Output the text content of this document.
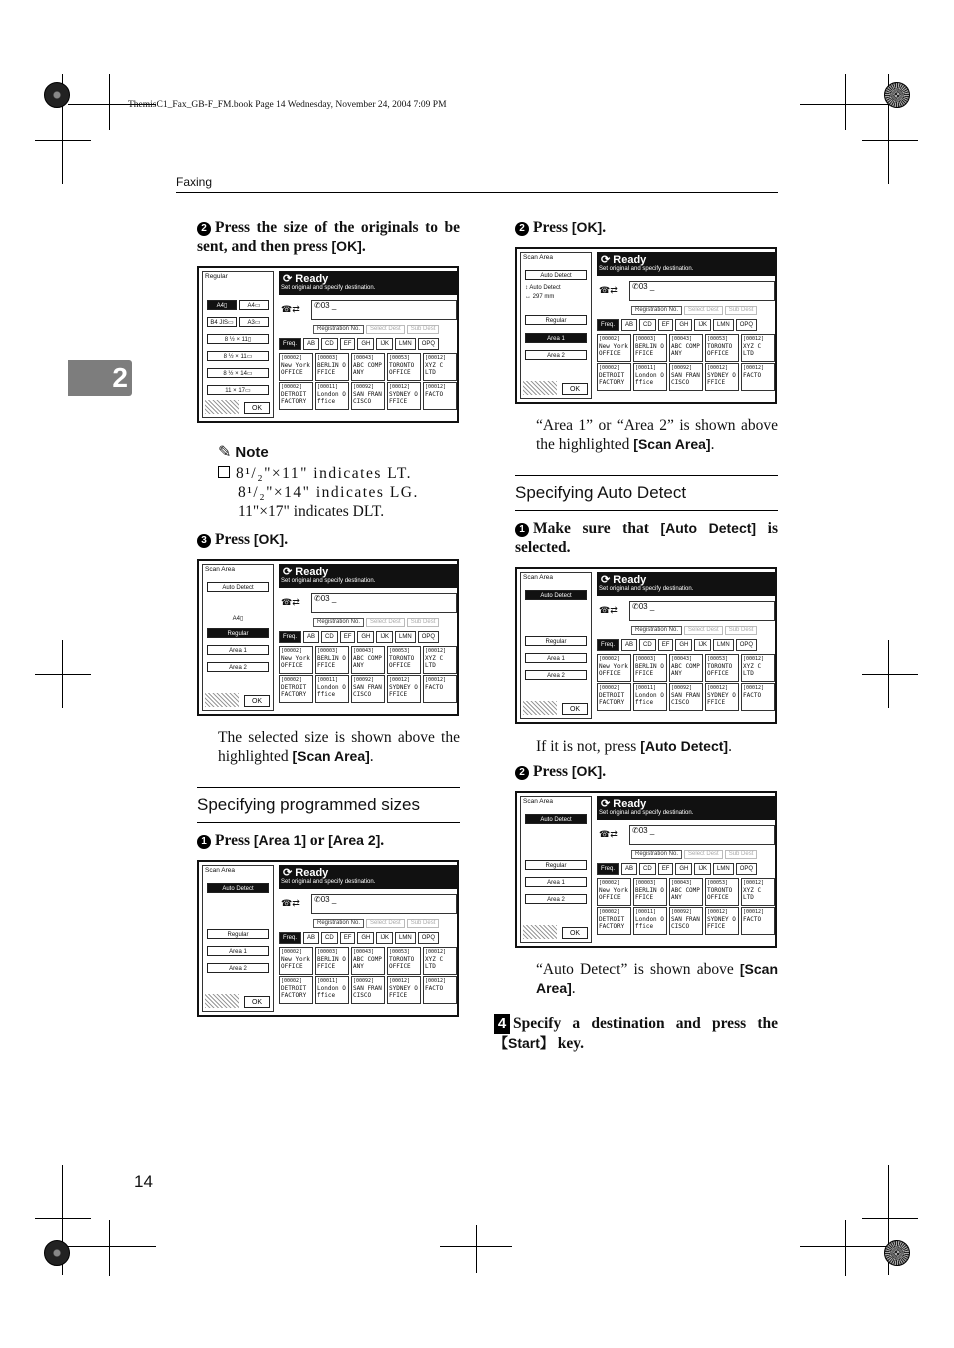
ThemisC1_Fax_GB-F_FM.book Page 14 Wednesday, November 24, 2004 7:09 PM
Faxing
2
14
2 Press the size of the originals to be sent, and then press [OK].
Regular
A4▯	A4▭
B4 JIS▭	A3▭
8 ½ × 11▯
8 ½ × 11▭
8 ½ × 14▭
11 × 17▭
OK
⟳ Ready
Set original and specify destination.
☎⇄	✆03 _
Registration No. Select Dest Sub Dest
Freq.	AB	CD	EF	GH	IJK	LMN	OPQ
[00002]
New York OFFICE
[00003]
BERLIN O FFICE
[00043]
ABC COMP ANY
[00053]
TORONTO OFFICE
[00012]
XYZ C LTD
[00002]
DETROIT FACTORY
[00011]
London O ffice
[00092]
SAN FRAN CISCO
[00012]
SYDNEY O FFICE
[00012]
FACTO
✎ Note
8¹/₂"×11" indicates LT.
8¹/₂"×14" indicates LG.
11"×17" indicates DLT.
3 Press [OK].
Scan Area
Auto Detect
A4▯
Regular
Area 1
Area 2
OK
⟳ Ready
Set original and specify destination.
☎⇄	✆03 _
Registration No. Select Dest Sub Dest
Freq.	AB	CD	EF	GH	IJK	LMN	OPQ
[00002]
New York OFFICE
[00003]
BERLIN O FFICE
[00043]
ABC COMP ANY
[00053]
TORONTO OFFICE
[00012]
XYZ C LTD
[00002]
DETROIT FACTORY
[00011]
London O ffice
[00092]
SAN FRAN CISCO
[00012]
SYDNEY O FFICE
[00012]
FACTO
The selected size is shown above the highlighted [Scan Area].
Specifying programmed sizes
1 Press [Area 1] or [Area 2].
Scan Area
Auto Detect
Regular
Area 1
Area 2
OK
⟳ Ready
Set original and specify destination.
☎⇄	✆03 _
Registration No. Select Dest Sub Dest
Freq.	AB	CD	EF	GH	IJK	LMN	OPQ
[00002]
New York OFFICE
[00003]
BERLIN O FFICE
[00043]
ABC COMP ANY
[00053]
TORONTO OFFICE
[00012]
XYZ C LTD
[00002]
DETROIT FACTORY
[00011]
London O ffice
[00092]
SAN FRAN CISCO
[00012]
SYDNEY O FFICE
[00012]
FACTO
2 Press [OK].
Scan Area
Auto Detect
↕ Auto Detect
↔ 297 mm
Regular
Area 1
Area 2
OK
⟳ Ready
Set original and specify destination.
☎⇄	✆03 _
Registration No. Select Dest Sub Dest
Freq.	AB	CD	EF	GH	IJK	LMN	OPQ
[00002]
New York OFFICE
[00003]
BERLIN O FFICE
[00043]
ABC COMP ANY
[00053]
TORONTO OFFICE
[00012]
XYZ C LTD
[00002]
DETROIT FACTORY
[00011]
London O ffice
[00092]
SAN FRAN CISCO
[00012]
SYDNEY O FFICE
[00012]
FACTO
“Area 1” or “Area 2” is shown above the highlighted [Scan Area].
Specifying Auto Detect
1 Make sure that [Auto Detect] is selected.
Scan Area
Auto Detect
Regular
Area 1
Area 2
OK
⟳ Ready
Set original and specify destination.
☎⇄	✆03 _
Registration No. Select Dest Sub Dest
Freq.	AB	CD	EF	GH	IJK	LMN	OPQ
[00002]
New York OFFICE
[00003]
BERLIN O FFICE
[00043]
ABC COMP ANY
[00053]
TORONTO OFFICE
[00012]
XYZ C LTD
[00002]
DETROIT FACTORY
[00011]
London O ffice
[00092]
SAN FRAN CISCO
[00012]
SYDNEY O FFICE
[00012]
FACTO
If it is not, press [Auto Detect].
2 Press [OK].
Scan Area
Auto Detect
Regular
Area 1
Area 2
OK
⟳ Ready
Set original and specify destination.
☎⇄	✆03 _
Registration No. Select Dest Sub Dest
Freq.	AB	CD	EF	GH	IJK	LMN	OPQ
[00002]
New York OFFICE
[00003]
BERLIN O FFICE
[00043]
ABC COMP ANY
[00053]
TORONTO OFFICE
[00012]
XYZ C LTD
[00002]
DETROIT FACTORY
[00011]
London O ffice
[00092]
SAN FRAN CISCO
[00012]
SYDNEY O FFICE
[00012]
FACTO
“Auto Detect” is shown above [Scan Area].
4 Specify a destination and press the 【Start】 key.
